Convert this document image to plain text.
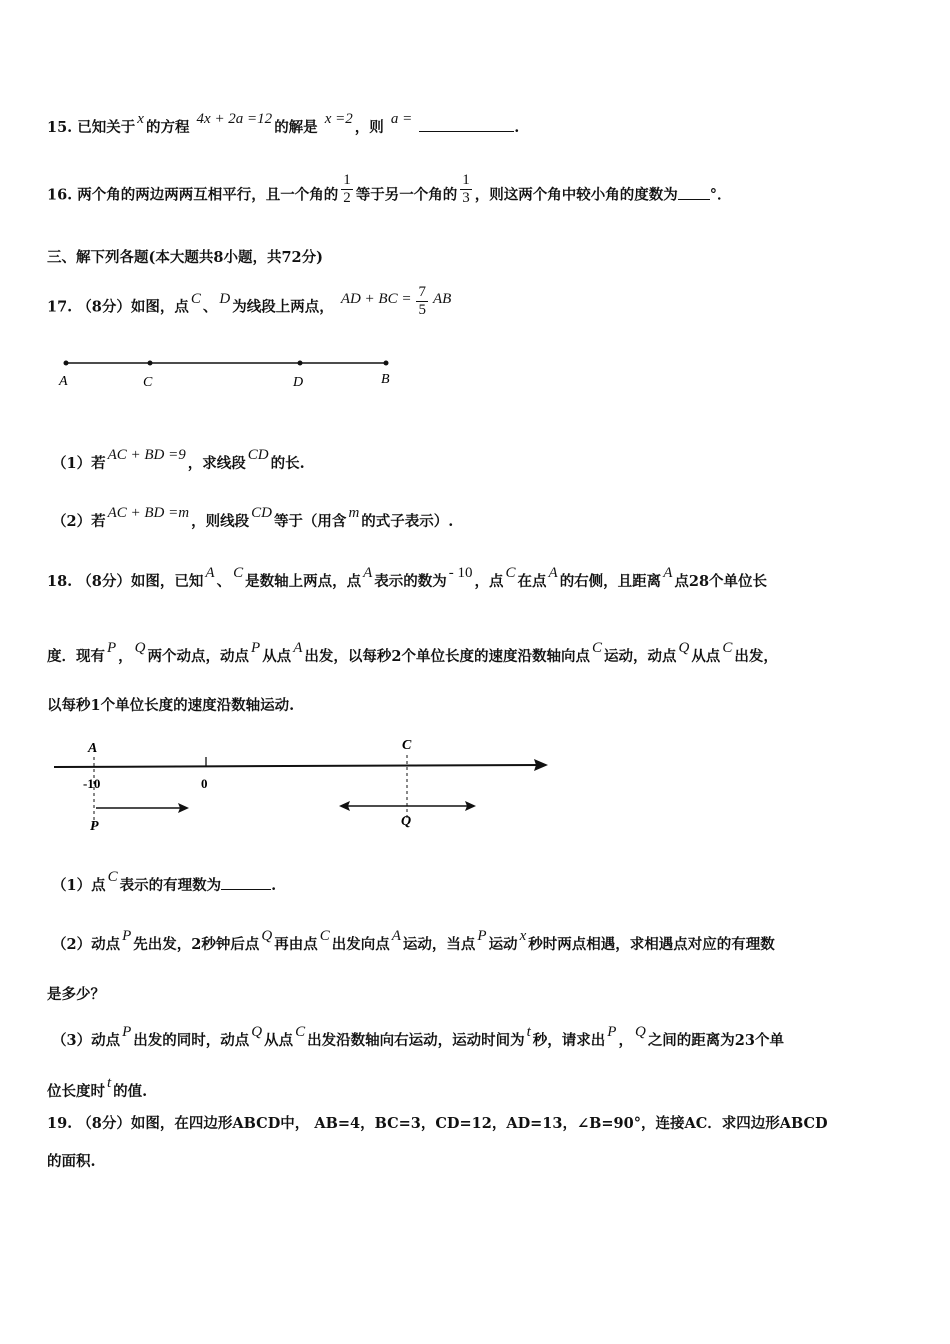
15. 已知关于 x 的方程 4x + 2a =12 的解是 x =2 ，则 a =	.
16. 两个角的两边两两互相平行，且一个角的 $\frac{1}{2}$ 等于另一个角的 $\frac{1}{3}$ ，则这两个角中较小角的度数为 °．
三、解下列各题(本大题共8小题，共72分)
17. （8分）如图，点 C 、 D 为线段上两点， AD + BC = $\frac{7}{5}$ AB
A	C	D	B
（1）若 AC + BD =9 ，求线段 CD 的长.
（2）若 AC + BD =m ，则线段 CD 等于（用含 m 的式子表示）.
18. （8分）如图，已知 A 、 C 是数轴上两点，点 A 表示的数为 - 10 ，点 C 在点 A 的右侧，且距离 A 点28个单位长
度．现有 P ， Q 两个动点，动点 P 从点 A 出发，以每秒2个单位长度的速度沿数轴向点 C 运动，动点 Q 从点 C 出发，
以每秒1个单位长度的速度沿数轴运动.
A	C
-10	0
P	Q
（1）点 C 表示的有理数为	.
（2）动点 P 先出发，2秒钟后点 Q 再由点 C 出发向点 A 运动，当点 P 运动 x 秒时两点相遇，求相遇点对应的有理数
是多少？
（3）动点 P 出发的同时，动点 Q 从点 C 出发沿数轴向右运动，运动时间为 t 秒，请求出 P ， Q 之间的距离为23个单
位长度时 t 的值.
19. （8分）如图，在四边形ABCD中， AB=4，BC=3，CD=12，AD=13，∠B=90°，连接AC．求四边形ABCD
的面积.
